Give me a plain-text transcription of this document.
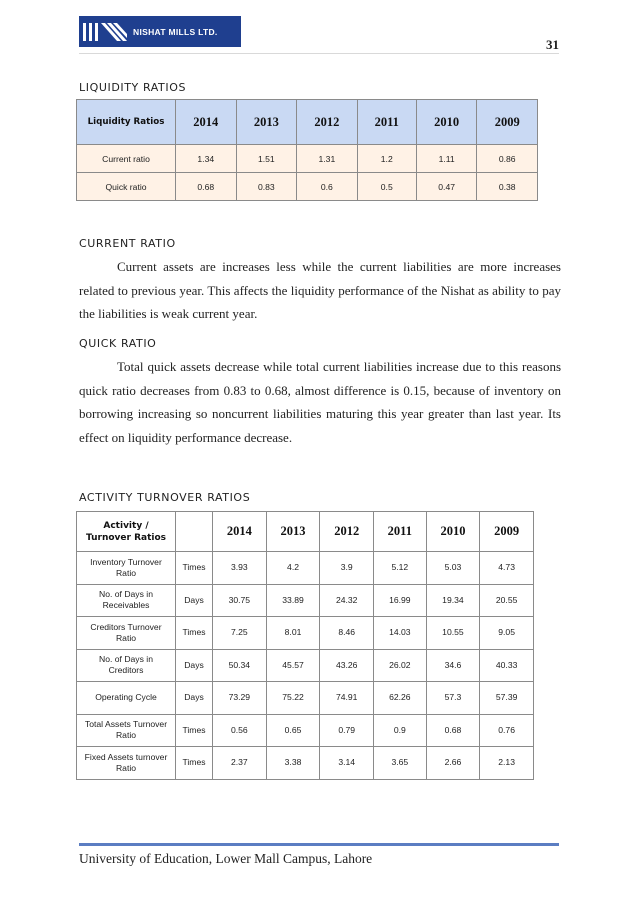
NISHAT MILLS LTD.
31
LIQUIDITY RATIOS
Liquidity Ratios	2014	2013	2012	2011	2010	2009
Current ratio	1.34	1.51	1.31	1.2	1.11	0.86
Quick ratio	0.68	0.83	0.6	0.5	0.47	0.38
CURRENT RATIO

Current assets are increases less while the current liabilities are more increases related to previous year. This affects the liquidity performance of the Nishat as ability to pay the liabilities is weak current year.

QUICK RATIO

Total quick assets decrease while total current liabilities increase due to this reasons quick ratio decreases from 0.83 to 0.68, almost difference is 0.15, because of inventory on borrowing increasing so noncurrent liabilities maturing this year greater than last year. Its effect on liquidity performance decrease.

ACTIVITY TURNOVER RATIOS
Activity /
Turnover Ratios		2014	2013	2012	2011	2010	2009
Inventory Turnover Ratio	Times	3.93	4.2	3.9	5.12	5.03	4.73
No. of Days in Receivables	Days	30.75	33.89	24.32	16.99	19.34	20.55
Creditors Turnover Ratio	Times	7.25	8.01	8.46	14.03	10.55	9.05
No. of Days in Creditors	Days	50.34	45.57	43.26	26.02	34.6	40.33
Operating Cycle	Days	73.29	75.22	74.91	62.26	57.3	57.39
Total Assets Turnover Ratio	Times	0.56	0.65	0.79	0.9	0.68	0.76
Fixed Assets turnover Ratio	Times	2.37	3.38	3.14	3.65	2.66	2.13
University of Education, Lower Mall Campus, Lahore
